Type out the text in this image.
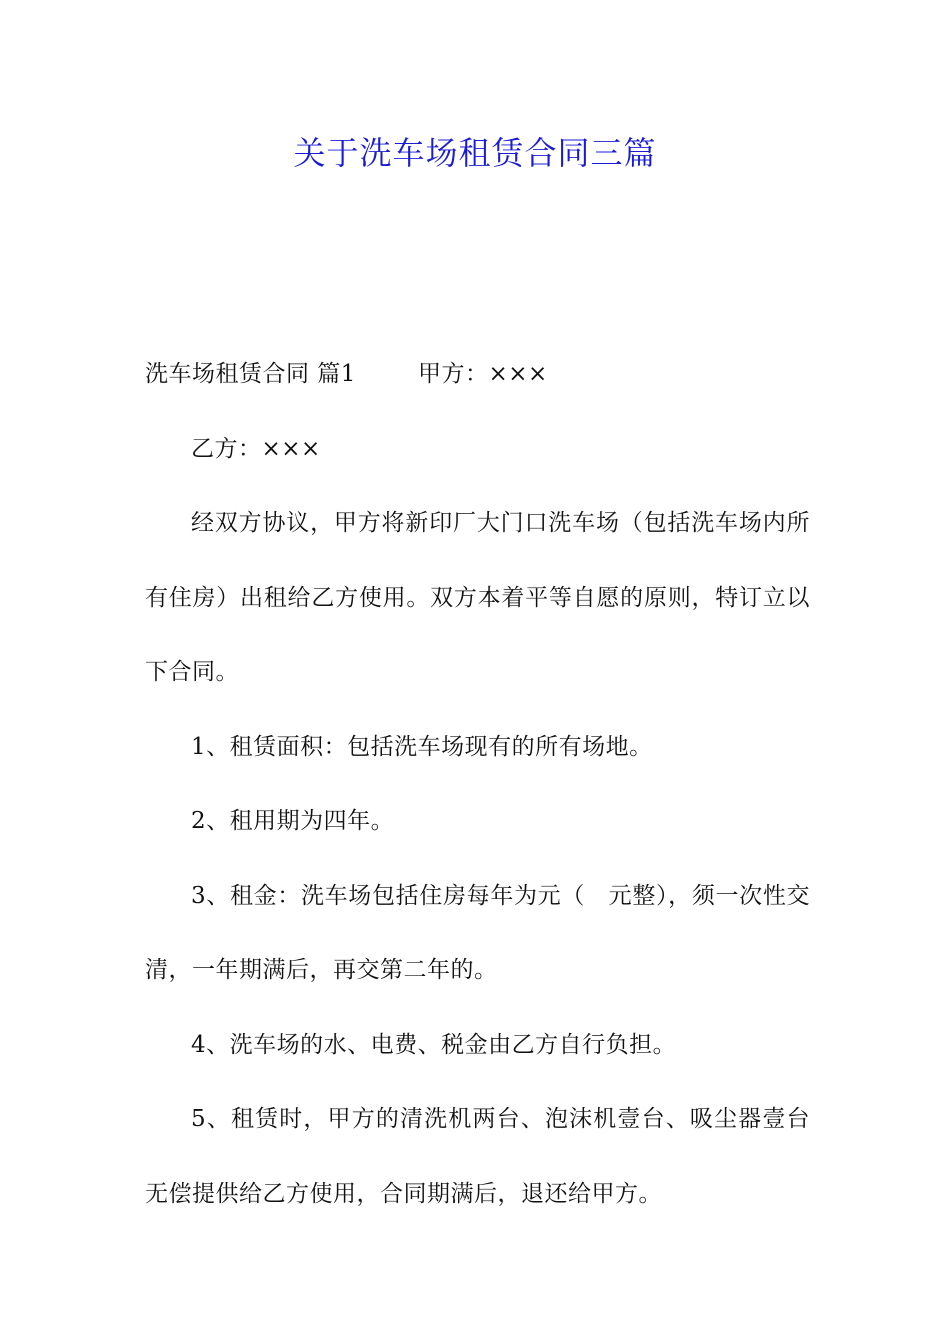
关于洗车场租赁合同三篇

洗车场租赁合同 篇1	甲方：×××

乙方：×××

经双方协议，甲方将新印厂大门口洗车场（包括洗车场内所有住房）出租给乙方使用。双方本着平等自愿的原则，特订立以下合同。

1、租赁面积：包括洗车场现有的所有场地。

2、租用期为四年。

3、租金：洗车场包括住房每年为元（　元整），须一次性交清，一年期满后，再交第二年的。

4、洗车场的水、电费、税金由乙方自行负担。

5、租赁时，甲方的清洗机两台、泡沫机壹台、吸尘器壹台无偿提供给乙方使用，合同期满后，退还给甲方。
